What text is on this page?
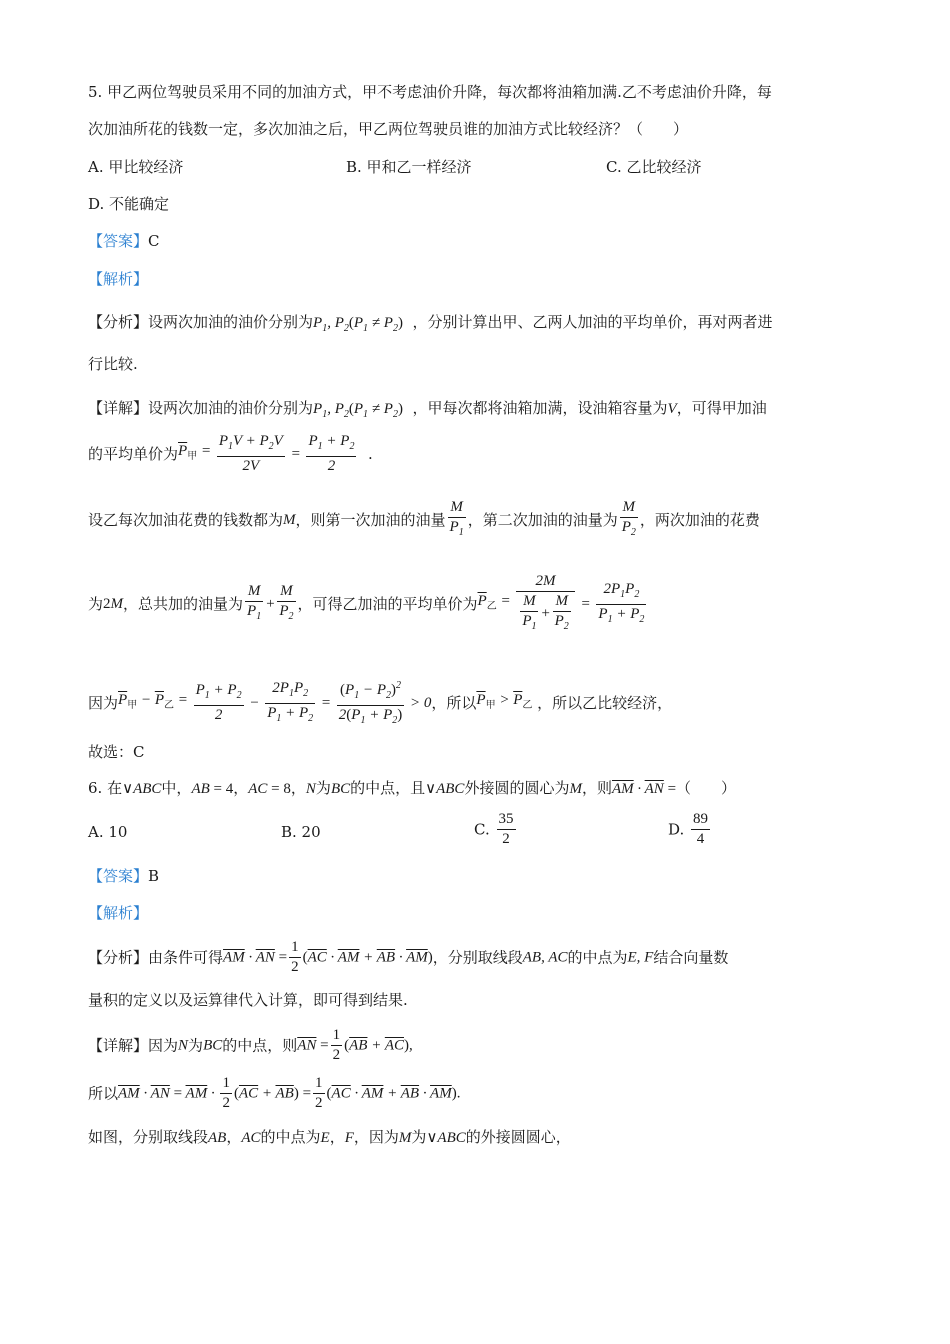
5. 甲乙两位驾驶员采用不同的加油方式，甲不考虑油价升降，每次都将油箱加满.乙不考虑油价升降，每
次加油所花的钱数一定，多次加油之后，甲乙两位驾驶员谁的加油方式比较经济？（　　）
A. 甲比较经济	B. 甲和乙一样经济	C. 乙比较经济
D. 不能确定
【答案】C
【解析】
【分析】设两次加油的油价分别为$P_1$, $P_2(P_1 \ne P_2)$ ，分别计算出甲、乙两人加油的平均单价，再对两者进
行比较.
【详解】设两次加油的油价分别为$P_1$, $P_2(P_1 \ne P_2)$ ，甲每次都将油箱加满，设油箱容量为V，可得甲加油
的平均单价为$\overline{P}_甲 = \frac{P_1V + P_2V}{2V} = \frac{P_1 + P_2}{2}$ .
设乙每次加油花费的钱数都为M，则第一次加油的油量 $\frac{M}{P_1}$ ，第二次加油的油量为 $\frac{M}{P_2}$ ，两次加油的花费
为2M，总共加的油量为 $\frac{M}{P_1} + \frac{M}{P_2}$ ，可得乙加油的平均单价为$\overline{P}_乙 = \frac{2M}{\frac{M}{P_1} + \frac{M}{P_2}} = \frac{2P_1P_2}{P_1 + P_2}$
因为$\overline{P}_甲 - \overline{P}_乙 = \frac{P_1 + P_2}{2} - \frac{2P_1P_2}{P_1 + P_2} = \frac{(P_1 - P_2)^2}{2(P_1 + P_2)} > 0$，所以$\overline{P}_甲 > \overline{P}_乙$ ，所以乙比较经济，
故选：C
6. 在∨ABC中，AB = 4，AC = 8，N为BC的中点，且∨ABC外接圆的圆心为M，则$\overline{AM} \cdot \overline{AN}$ =（　　）
A. 10	B. 20	C. $\frac{35}{2}$	D. $\frac{89}{4}$
【答案】B
【解析】
【分析】由条件可得$\overline{AM} \cdot \overline{AN} = \frac{1}{2} (\overline{AC} \cdot \overline{AM} + \overline{AB} \cdot \overline{AM})$，分别取线段AB, AC的中点为E, F结合向量数
量积的定义以及运算律代入计算，即可得到结果.
【详解】因为N为BC的中点，则$\overline{AN} = \frac{1}{2} (\overline{AB} + \overline{AC})$,
所以$\overline{AM} \cdot \overline{AN} = \overline{AM} \cdot \frac{1}{2} (\overline{AC} + \overline{AB}) = \frac{1}{2} (\overline{AC} \cdot \overline{AM} + \overline{AB} \cdot \overline{AM})$.
如图，分别取线段AB，AC的中点为E，F，因为M为∨ABC的外接圆圆心，
